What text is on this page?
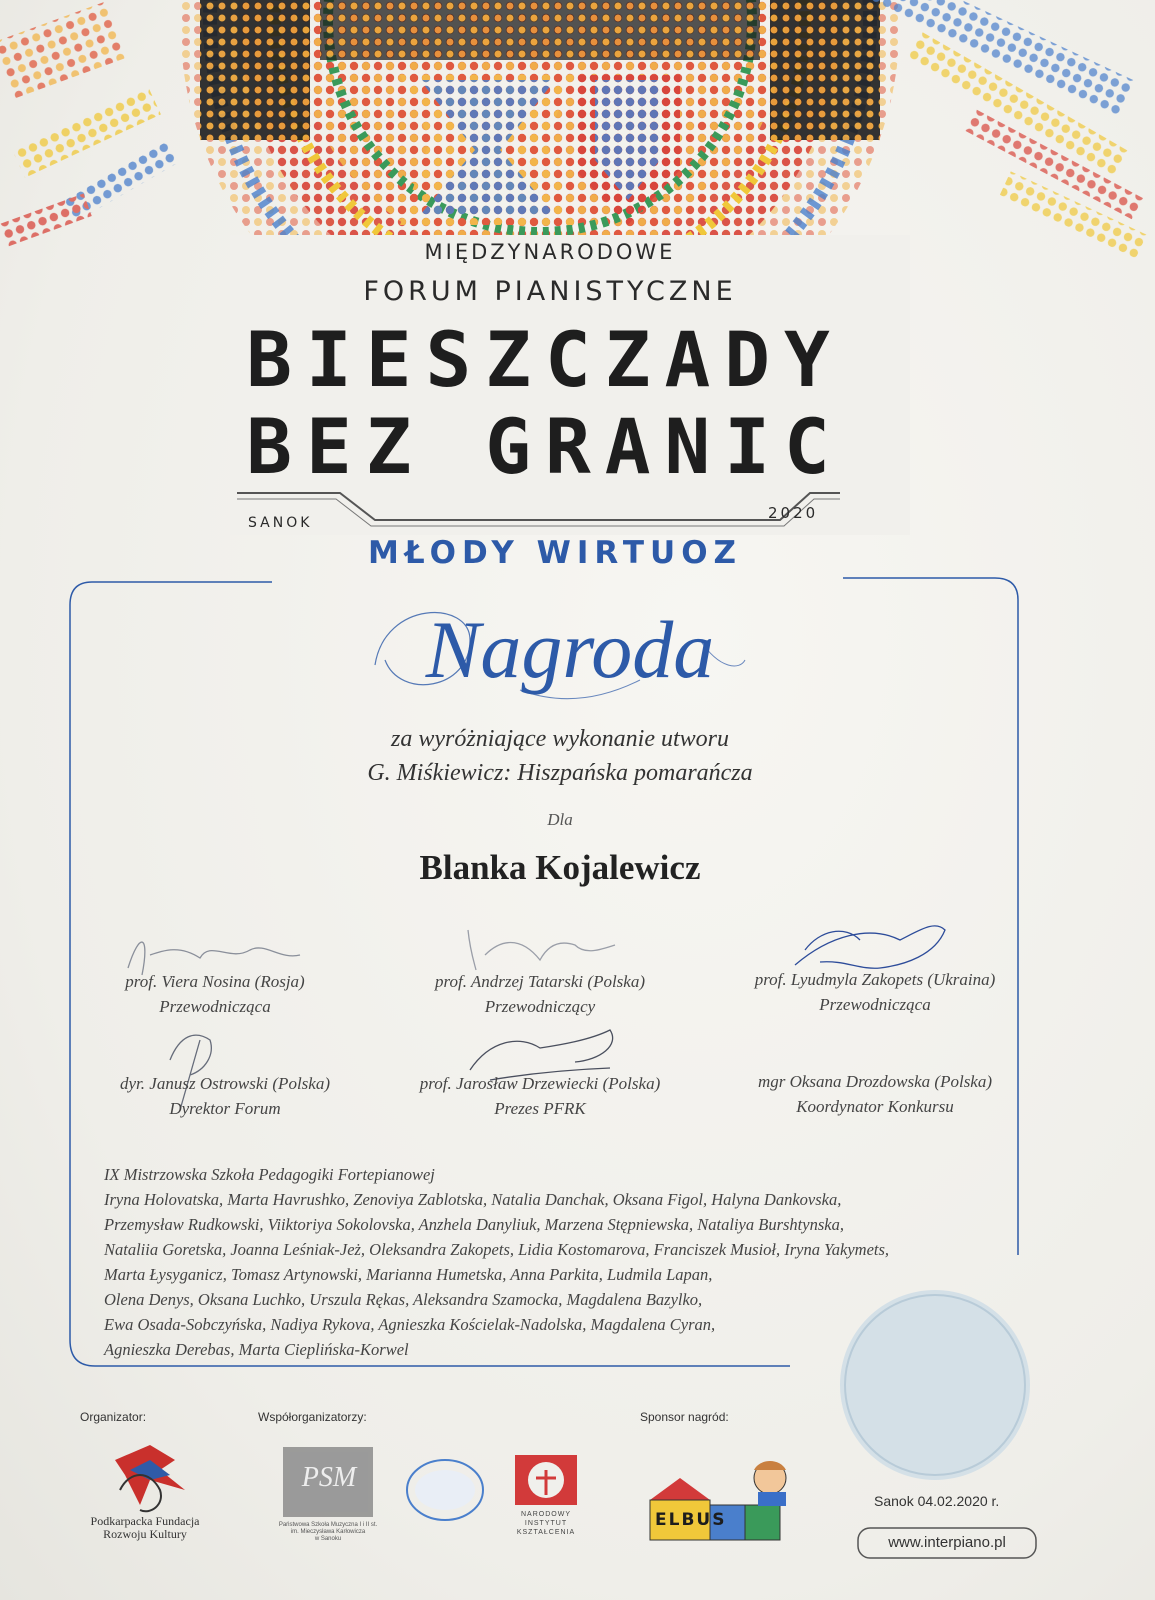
MIĘDZYNARODOWE
FORUM PIANISTYCZNE
BIESZCZADY
BEZ GRANIC
SANOK
2020
MŁODY WIRTUOZ
Nagroda
za wyróżniające wykonanie utworu
G. Miśkiewicz: Hiszpańska pomarańcza
Dla
Blanka Kojalewicz
prof. Viera Nosina (Rosja)
Przewodnicząca
prof. Andrzej Tatarski (Polska)
Przewodniczący
prof. Lyudmyla Zakopets (Ukraina)
Przewodnicząca
dyr. Janusz Ostrowski (Polska)
Dyrektor Forum
prof. Jarosław Drzewiecki (Polska)
Prezes PFRK
mgr Oksana Drozdowska (Polska)
Koordynator Konkursu
IX Mistrzowska Szkoła Pedagogiki Fortepianowej
Iryna Holovatska, Marta Havrushko, Zenoviya Zablotska, Natalia Danchak, Oksana Figol, Halyna Dankovska,
Przemysław Rudkowski, Viiktoriya Sokolovska, Anzhela Danyliuk, Marzena Stępniewska, Nataliya Burshtynska,
Nataliia Goretska, Joanna Leśniak-Jeż, Oleksandra Zakopets, Lidia Kostomarova, Franciszek Musioł, Iryna Yakymets,
Marta Łysyganicz, Tomasz Artynowski, Marianna Humetska, Anna Parkita, Ludmila Lapan,
Olena Denys, Oksana Luchko, Urszula Rękas, Aleksandra Szamocka, Magdalena Bazylko,
Ewa Osada-Sobczyńska, Nadiya Rykova, Agnieszka Kościelak-Nadolska, Magdalena Cyran,
Agnieszka Derebas, Marta Cieplińska-Korwel
Organizator:	Współorganizatorzy:	Sponsor nagród:
Podkarpacka Fundacja
Rozwoju Kultury
PSM
Państwowa Szkoła Muzyczna I i II st.
im. Mieczysława Karłowicza
w Sanoku
NARODOWY
INSTYTUT
KSZTAŁCENIA
ELBUS
Sanok 04.02.2020 r.
www.interpiano.pl
